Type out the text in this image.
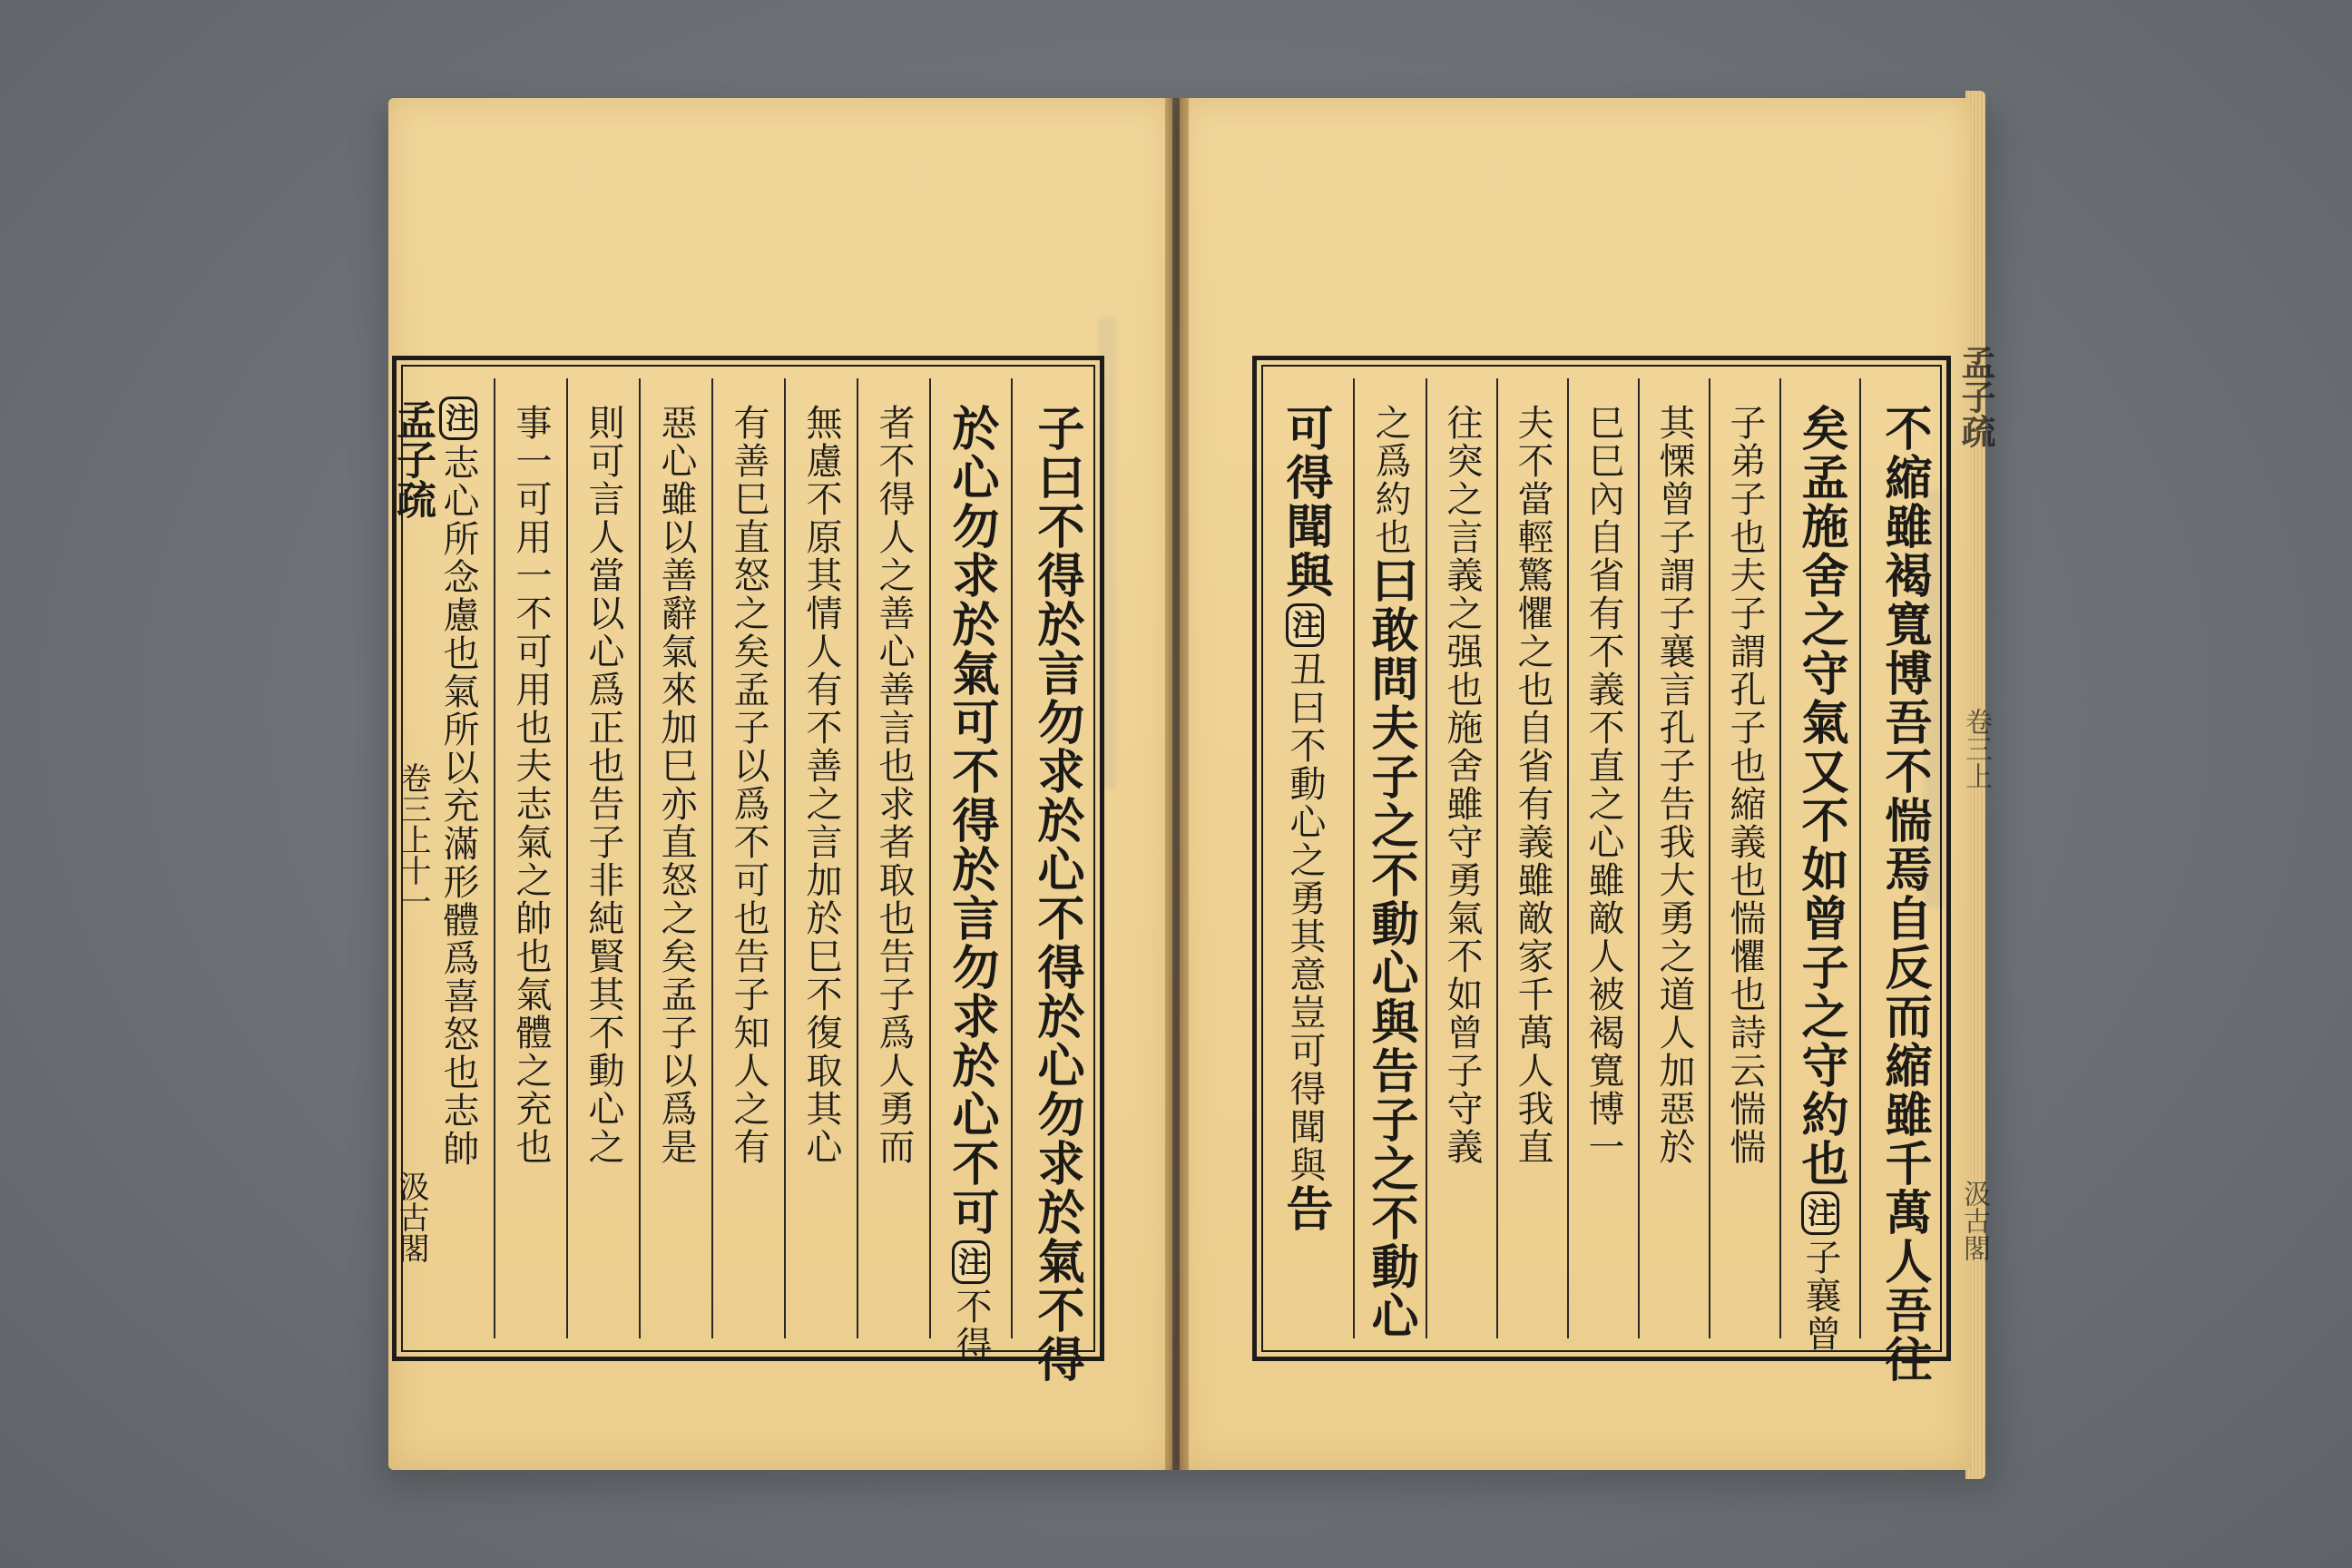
子曰不得於言勿求於心不得於心勿求於氣不得
於心勿求於氣可不得於言勿求於心不可注不得
者不得人之善心善言也求者取也告子爲人勇而
無慮不原其情人有不善之言加於巳不復取其心
有善巳直怒之矣孟子以爲不可也告子知人之有
惡心雖以善辭氣來加巳亦直怒之矣孟子以爲是
則可言人當以心爲正也告子非純賢其不動心之
事一可用一不可用也夫志氣之帥也氣體之充也
注志心所念慮也氣所以充滿形體爲喜怒也志帥
孟子疏
卷三上十一
汲古閣	不縮雖褐寬博吾不惴焉自反而縮雖千萬人吾往
矣孟施舍之守氣又不如曾子之守約也注子襄曾
子弟子也夫子謂孔子也縮義也惴懼也詩云惴惴
其慄曾子謂子襄言孔子告我大勇之道人加惡於
巳巳內自省有不義不直之心雖敵人被褐寬博一
夫不當輕驚懼之也自省有義雖敵家千萬人我直
往突之言義之强也施舍雖守勇氣不如曾子守義
之爲約也曰敢問夫子之不動心與告子之不動心
可得聞與注丑曰不動心之勇其意豈可得聞與告
孟子疏
卷三上
汲古閣
